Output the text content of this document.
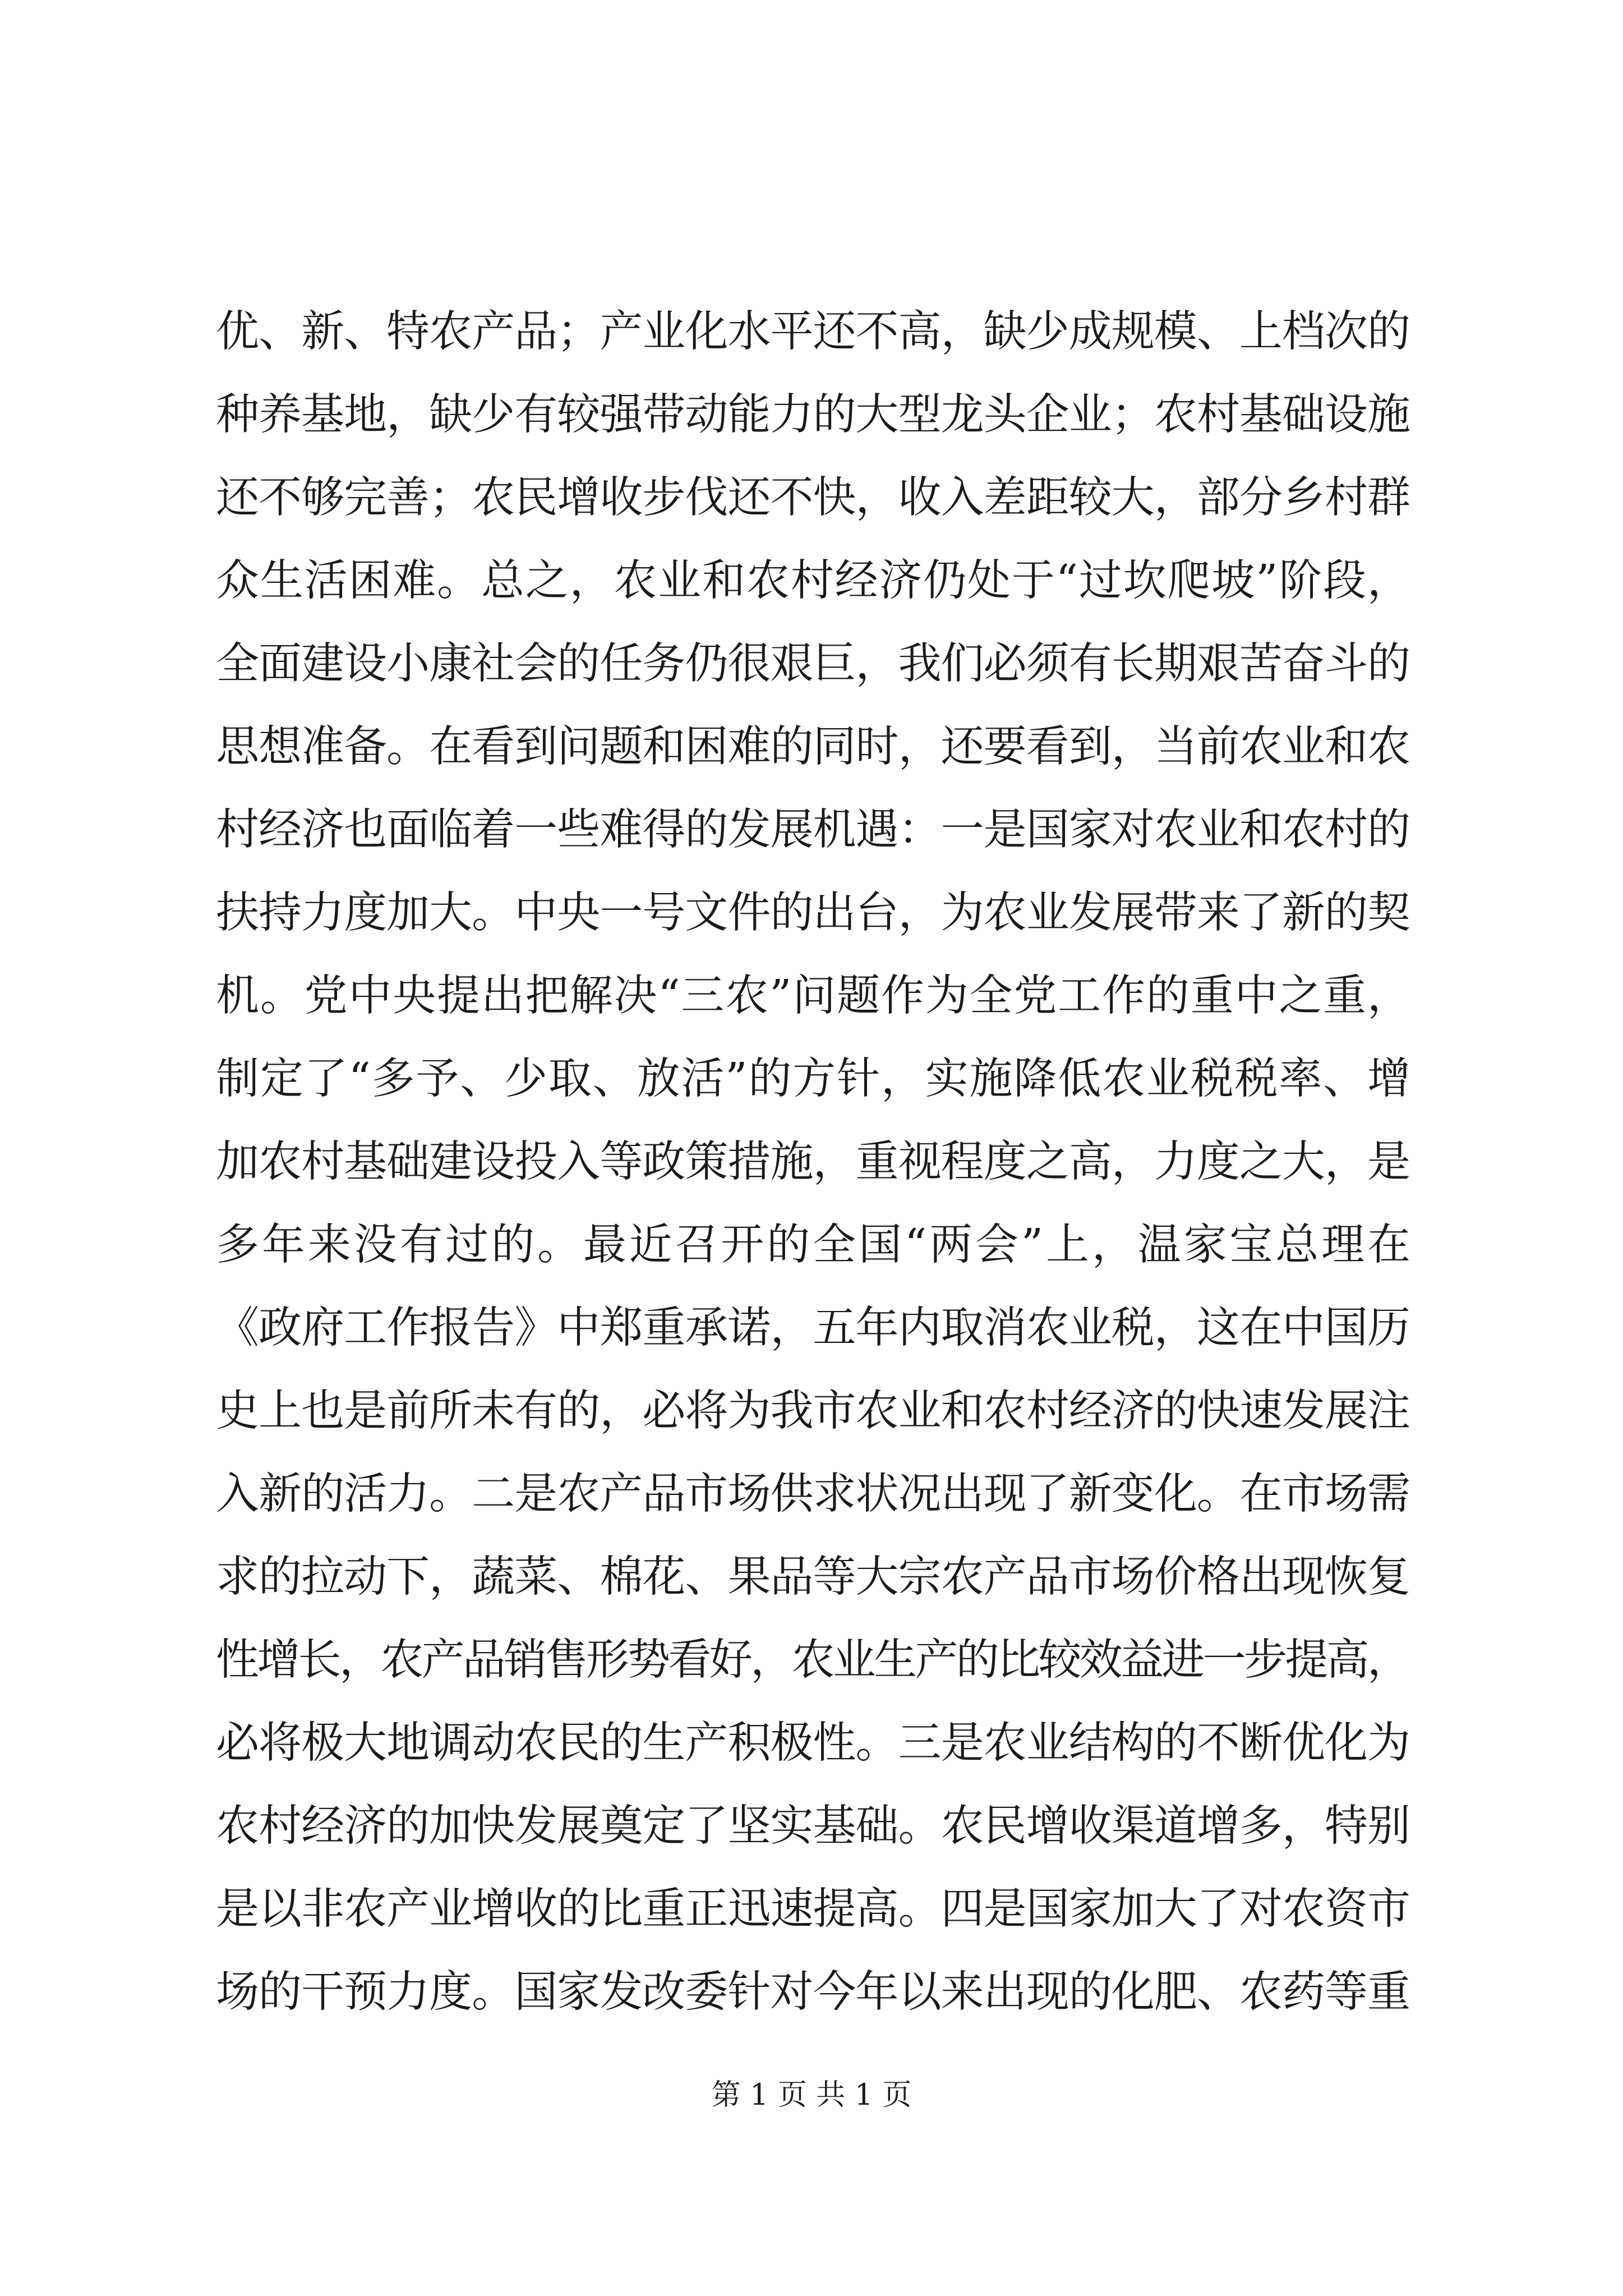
优、新、特农产品；产业化水平还不高，缺少成规模、上档次的
种养基地，缺少有较强带动能力的大型龙头企业；农村基础设施
还不够完善；农民增收步伐还不快，收入差距较大，部分乡村群
众生活困难。总之，农业和农村经济仍处于“过坎爬坡”阶段，
全面建设小康社会的任务仍很艰巨，我们必须有长期艰苦奋斗的
思想准备。在看到问题和困难的同时，还要看到，当前农业和农
村经济也面临着一些难得的发展机遇：一是国家对农业和农村的
扶持力度加大。中央一号文件的出台，为农业发展带来了新的契
机。党中央提出把解决“三农”问题作为全党工作的重中之重，
制定了“多予、少取、放活”的方针，实施降低农业税税率、增
加农村基础建设投入等政策措施，重视程度之高，力度之大，是
多年来没有过的。最近召开的全国“两会”上，温家宝总理在
《政府工作报告》中郑重承诺，五年内取消农业税，这在中国历
史上也是前所未有的，必将为我市农业和农村经济的快速发展注
入新的活力。二是农产品市场供求状况出现了新变化。在市场需
求的拉动下，蔬菜、棉花、果品等大宗农产品市场价格出现恢复
性增长，农产品销售形势看好，农业生产的比较效益进一步提高，
必将极大地调动农民的生产积极性。三是农业结构的不断优化为
农村经济的加快发展奠定了坚实基础。农民增收渠道增多，特别
是以非农产业增收的比重正迅速提高。四是国家加大了对农资市
场的干预力度。国家发改委针对今年以来出现的化肥、农药等重
第 1 页 共 1 页
